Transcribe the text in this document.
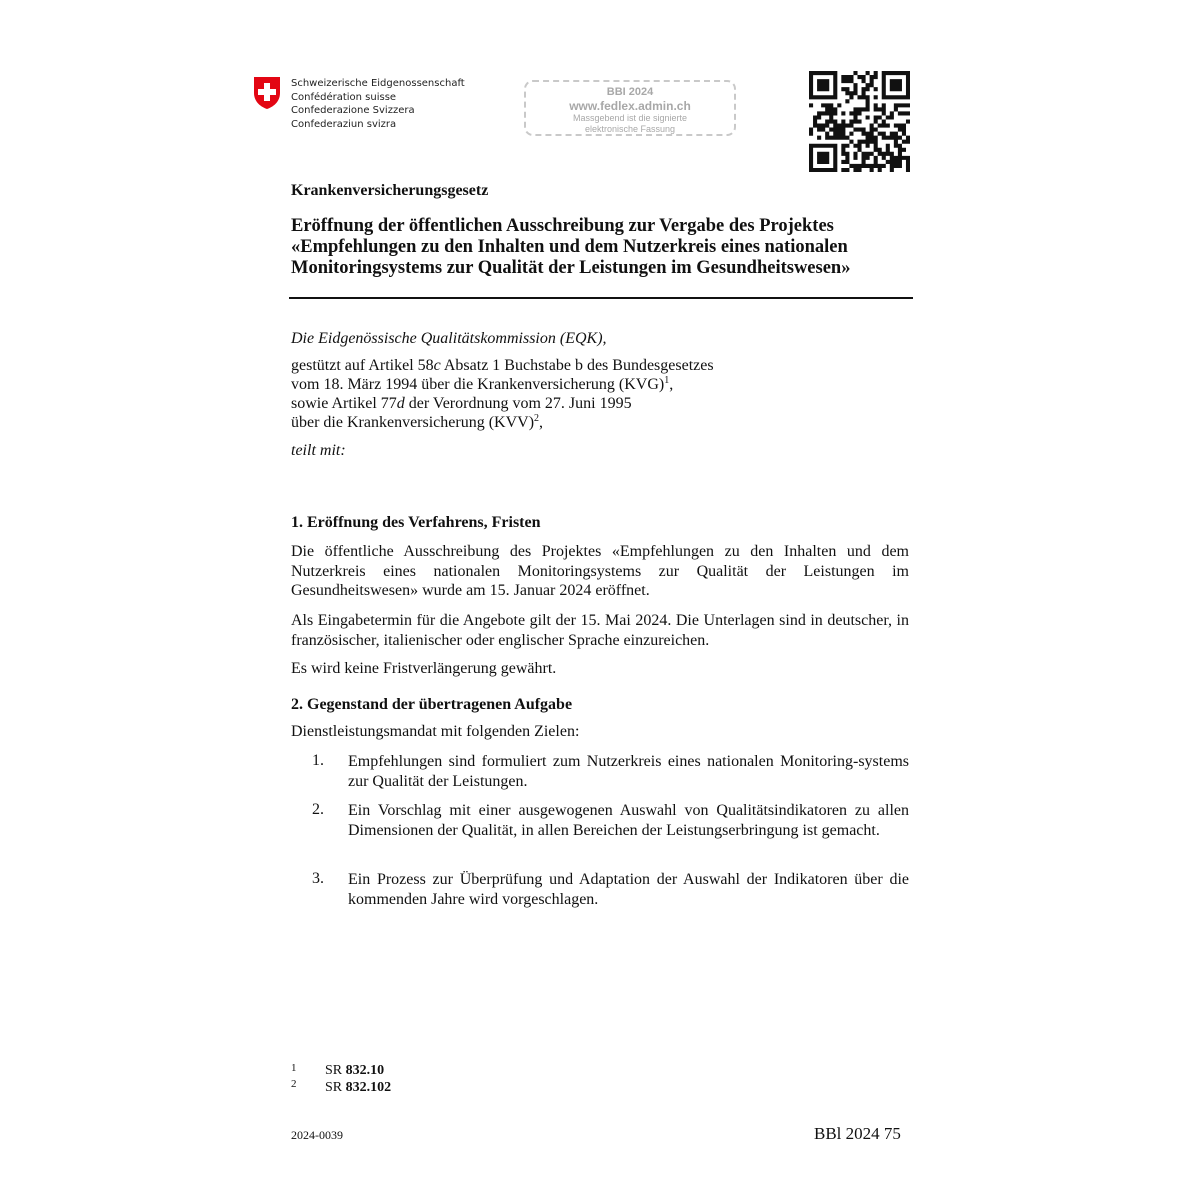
Schweizerische Eidgenossenschaft
Confédération suisse
Confederazione Svizzera
Confederaziun svizra
BBI 2024
www.fedlex.admin.ch
Massgebend ist die signierte
elektronische Fassung
Krankenversicherungsgesetz
Eröffnung der öffentlichen Ausschreibung zur Vergabe des Projektes
«Empfehlungen zu den Inhalten und dem Nutzerkreis eines nationalen
Monitoringsystems zur Qualität der Leistungen im Gesundheitswesen»
Die Eidgenössische Qualitätskommission (EQK),
gestützt auf Artikel 58c Absatz 1 Buchstabe b des Bundesgesetzes
vom 18. März 1994 über die Krankenversicherung (KVG)$^1$,
sowie Artikel 77d der Verordnung vom 27. Juni 1995
über die Krankenversicherung (KVV)$^2$,
teilt mit:
1. Eröffnung des Verfahrens, Fristen
Die öffentliche Ausschreibung des Projektes «Empfehlungen zu den Inhalten und dem Nutzerkreis eines nationalen Monitoringsystems zur Qualität der Leistungen im Gesundheitswesen» wurde am 15. Januar 2024 eröffnet.
Als Eingabetermin für die Angebote gilt der 15. Mai 2024. Die Unterlagen sind in deutscher, in französischer, italienischer oder englischer Sprache einzureichen.
Es wird keine Fristverlängerung gewährt.
2. Gegenstand der übertragenen Aufgabe
Dienstleistungsmandat mit folgenden Zielen:
1. Empfehlungen sind formuliert zum Nutzerkreis eines nationalen Monitoring-systems zur Qualität der Leistungen.
2. Ein Vorschlag mit einer ausgewogenen Auswahl von Qualitätsindikatoren zu allen Dimensionen der Qualität, in allen Bereichen der Leistungserbringung ist gemacht.
3. Ein Prozess zur Überprüfung und Adaptation der Auswahl der Indikatoren über die kommenden Jahre wird vorgeschlagen.
1 SR 832.10
2 SR 832.102
2024-0039	BBl 2024 75
